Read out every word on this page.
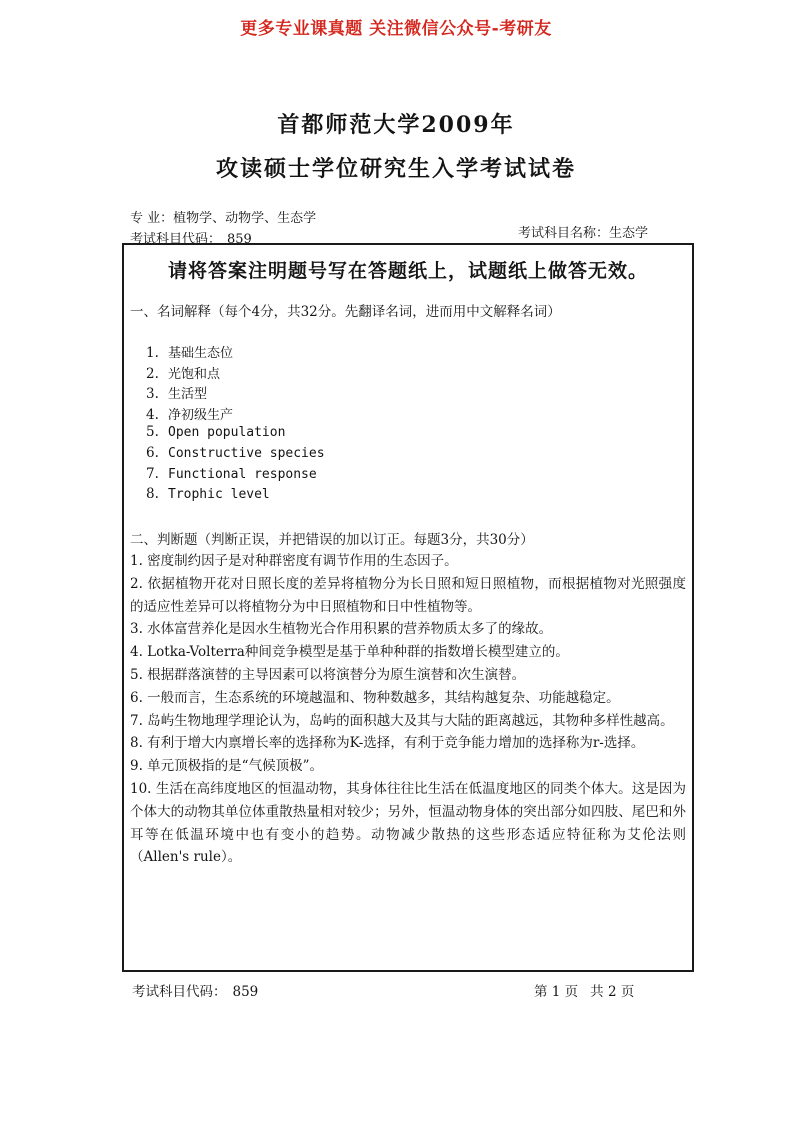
更多专业课真题 关注微信公众号-考研友
首都师范大学2009年
攻读硕士学位研究生入学考试试卷
专 业：植物学、动物学、生态学
考试科目代码： 859	考试科目名称：生态学
请将答案注明题号写在答题纸上，试题纸上做答无效。
一、名词解释（每个4分，共32分。先翻译名词，进而用中文解释名词）
1. 基础生态位
2. 光饱和点
3. 生活型
4. 净初级生产
5. Open population
6. Constructive species
7. Functional response
8. Trophic level
二、判断题（判断正误，并把错误的加以订正。每题3分，共30分）

1. 密度制约因子是对种群密度有调节作用的生态因子。

2. 依据植物开花对日照长度的差异将植物分为长日照和短日照植物，而根据植物对光照强度的适应性差异可以将植物分为中日照植物和日中性植物等。

3. 水体富营养化是因水生植物光合作用积累的营养物质太多了的缘故。

4. Lotka-Volterra种间竞争模型是基于单种种群的指数增长模型建立的。

5. 根据群落演替的主导因素可以将演替分为原生演替和次生演替。

6. 一般而言，生态系统的环境越温和、物种数越多，其结构越复杂、功能越稳定。

7. 岛屿生物地理学理论认为，岛屿的面积越大及其与大陆的距离越远，其物种多样性越高。

8. 有利于增大内禀增长率的选择称为K-选择，有利于竞争能力增加的选择称为r-选择。

9. 单元顶极指的是“气候顶极”。

10. 生活在高纬度地区的恒温动物，其身体往往比生活在低温度地区的同类个体大。这是因为个体大的动物其单位体重散热量相对较少；另外，恒温动物身体的突出部分如四肢、尾巴和外耳等在低温环境中也有变小的趋势。动物减少散热的这些形态适应特征称为艾伦法则（Allen's rule）。

考试科目代码： 859	第 1 页 共 2 页
